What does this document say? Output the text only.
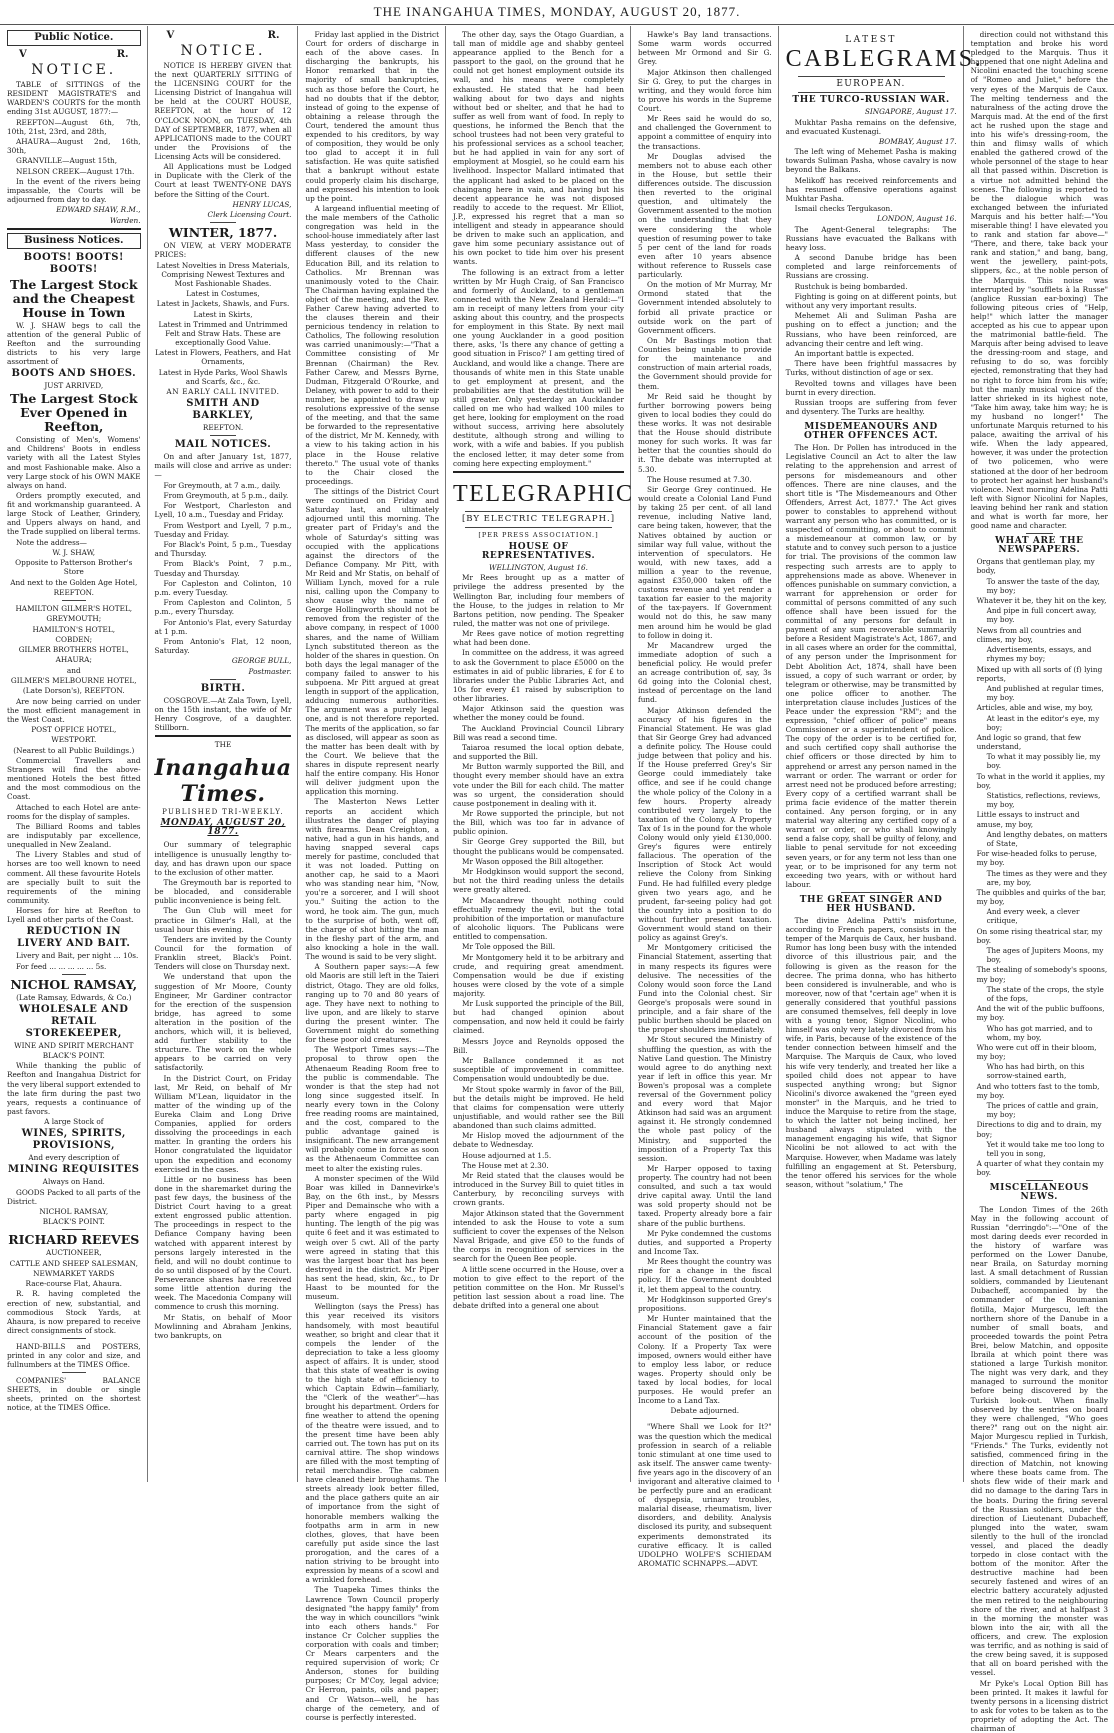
THE INANGAHUA TIMES, MONDAY, AUGUST 20, 1877.
Public Notice.
V	R.
NOTICE.

TABLE of SITTINGS of the RESIDENT MAGISTRATE'S and WARDEN'S COURTS for the month ending 31st AUGUST, 1877:—

REEFTON—August 6th, 7th, 10th, 21st, 23rd, and 28th,

AHAURA—August 2nd, 16th, 30th,

GRANVILLE—August 15th,

NELSON CREEK—August 17th.

In the event of the rivers being impassable, the Courts will be adjourned from day to day.

EDWARD SHAW, R.M.,

Warden.

Business Notices.
BOOTS! BOOTS! BOOTS!
The Largest Stock and the Cheapest House in Town

W. J. SHAW begs to call the attention of the general Public of Reefton and the surrounding districts to his very large assortment of

BOOTS AND SHOES.

JUST ARRIVED,

The Largest Stock Ever Opened in Reefton,

Consisting of Men's, Womens' and Childrens' Boots in endless variety with all the Latest Styles and most Fashionable make. Also a very Large stock of his OWN MAKE always on hand.

Orders promptly executed, and fit and workmanship guaranteed. A large Stock of Leather, Grindery, and Uppers always on hand, and the Trade supplied on liberal terms.

Note the address—

W. J. SHAW,

Opposite to Patterson Brother's Store

And next to the Golden Age Hotel,

REEFTON.

HAMILTON GILMER'S HOTEL,

GREYMOUTH;

HAMILTON'S HOTEL,

COBDEN;

GILMER BROTHERS HOTEL,

AHAURA;

and

GILMER'S MELBOURNE HOTEL,

(Late Dorson's), REEFTON.

Are now being carried on under the most efficient management in the West Coast.

POST OFFICE HOTEL,

WESTPORT.

(Nearest to all Public Buildings.)

Commercial Travellers and Strangers will find the above-mentioned Hotels the best fitted and the most commodious on the Coast.

Attached to each Hotel are ante-rooms for the display of samples.

The Billiard Rooms and tables are indisputably par excellence, unequalled in New Zealand.

The Livery Stables and stud of horses are too well known to need comment. All these favourite Hotels are specially built to suit the requirements of the mining community.

Horses for hire at Reefton to Lyell and other parts of the Coast.

REDUCTION IN LIVERY AND BAIT.

Livery and Bait, per night ... 10s.

For feed ... ... ... ... ... 5s.

NICHOL RAMSAY,

(Late Ramsay, Edwards, & Co.)

WHOLESALE AND RETAIL STOREKEEPER,

WINE AND SPIRIT MERCHANT

BLACK'S POINT.

While thanking the public of Reefton and Inangahua District for the very liberal support extended to the late firm during the past two years, requests a continuance of past favors.

A large Stock of

WINES, SPIRITS, PROVISIONS,

And every description of

MINING REQUISITES

Always on Hand.

GOODS Packed to all parts of the District.

NICHOL RAMSAY,

BLACK'S POINT.

RICHARD REEVES

AUCTIONEER,

CATTLE AND SHEEP SALESMAN,

NEWMARKET YARDS

Race-course Flat, Ahaura.

R. R. having completed the erection of new, substantial, and commodious Stock Yards, at Ahaura, is now prepared to receive direct consignments of stock.

HAND-BILLS and POSTERS, printed in any color and size, and fullnumbers at the TIMES Office.

COMPANIES' BALANCE SHEETS, in double or single sheets, printed on the shortest notice, at the TIMES Office.

V	R.
NOTICE.

NOTICE IS HEREBY GIVEN that the next QUARTERLY SITTING of the LICENSING COURT for the Licensing District of Inangahua will be held at the COURT HOUSE, REEFTON, at the hour of 12 O'CLOCK NOON, on TUESDAY, 4th DAY of SEPTEMBER, 1877, when all APPLICATIONS made to the COURT under the Provisions of the Licensing Acts will be considered.

All Applications must be Lodged in Duplicate with the Clerk of the Court at least TWENTY-ONE DAYS before the Sitting of the Court.

HENRY LUCAS,

Clerk Licensing Court.

WINTER, 1877.

ON VIEW, at VERY MODERATE PRICES:

Latest Novelties in Dress Materials, Comprising Newest Textures and Most Fashionable Shades.

Latest in Costumes,

Latest in Jackets, Shawls, and Furs.

Latest in Skirts,

Latest in Trimmed and Untrimmed Felt and Straw Hats. These are exceptionally Good Value.

Latest in Flowers, Feathers, and Hat Ornaments,

Latest in Hyde Parks, Wool Shawls and Scarfs, &c., &c.

AN EARLY CALL INVITED.

SMITH AND BARKLEY,

REEFTON.

MAIL NOTICES.

On and after January 1st, 1877, mails will close and arrive as under:—

For Greymouth, at 7 a.m., daily.

From Greymouth, at 5 p.m., daily.

For Westport, Charleston and Lyell, 10 a.m., Tuesday and Friday.

From Westport and Lyell, 7 p.m., Tuesday and Friday.

For Black's Point, 5 p.m., Tuesday and Thursday.

From Black's Point, 7 p.m., Tuesday and Thursday.

For Capleston and Colinton, 10 p.m. every Tuesday.

From Capleston and Colinton, 5 p.m., every Thursday.

For Antonio's Flat, every Saturday at 1 p.m.

From Antonio's Flat, 12 noon, Saturday.

GEORGE BULL,

Postmaster.

BIRTH.

COSGROVE.—At Zala Town, Lyell, on the 15th instant, the wife of Mr Henry Cosgrove, of a daughter. Stillborn.

THE

Inangahua Times.
PUBLISHED TRI-WEEKLY.
MONDAY, AUGUST 20, 1877.

Our summary of telegraphic intelligence is unusually lengthy to-day, and has drawn upon our space to the exclusion of other matter.

The Greymouth bar is reported to be blocaded, and considerable public inconvenience is being felt.

The Gun Club will meet for practice in Gilmer's Hall, at the usual hour this evening.

Tenders are invited by the County Council for the formation of Franklin street, Black's Point. Tenders will close on Thursday next.

We understand that upon the suggestion of Mr Moore, County Engineer, Mr Gardiner contractor for the erection of the suspension bridge, has agreed to some alteration in the position of the anchors, which will, it is believed, add further stability to the structure. The work on the whole appears to be carried on very satisfactorily.

In the District Court, on Friday last, Mr Reid, on behalf of Mr William M'Lean, liquidator in the matter of the winding up of the Eureka Claim and Long Drive Companies, applied for orders dissolving the proceedings in each matter. In granting the orders his Honor congratulated the liquidator upon the expedition and economy exercised in the cases.

Little or no business has been done in the sharemarket during the past few days, the business of the District Court having to a great extent engrossed public attention. The proceedings in respect to the Defiance Company having been watched with apparent interest by persons largely interested in the field, and will no doubt continue to do so until disposed of by the Court. Perseverance shares have received some little attention during the week. The Macedonia Company will commence to crush this morning.

Mr Statis, on behalf of Moor Mowlinning and Abraham Jenkins, two bankrupts, on

Friday last applied in the District Court for orders of discharge in each of the above cases. In discharging the bankrupts, his Honor remarked that in the majority of small bankruptcies, such as those before the Court, he had no doubts that if the debtor, instead of going to the expense of obtaining a release through the Court, tendered the amount thus expended to his creditors, by way of composition, they would be only too glad to accept it in full satisfaction. He was quite satisfied that a bankrupt without estate could properly claim his discharge, and expressed his intention to look up the point.

A largeand influential meeting of the male members of the Catholic congregation was held in the school-house immediately after last Mass yesterday, to consider the different clauses of the new Education Bill, and its relation to Catholics. Mr Brennan was unanimously voted to the Chair. The Chairman having explained the object of the meeting, and the Rev. Father Carew having adverted to the clauses therein and their pernicious tendency in relation to Catholics, The following resolution was carried unanimously:—"That a Committee consisting of Mr Brennan (Chairman) the Rev. Father Carew, and Messrs Byrne, Dudman, Fitzgerald O'Rourke, and Delaney, with power to add to their number, be appointed to draw up resolutions expressive of the sense of the meeting, and that the same be forwarded to the representative of the district, Mr M. Kennedy, with a view to his taking action in his place in the House relative thereto." The usual vote of thanks to the Chair closed the proceedings.

The sittings of the District Court were continued on Friday and Saturday last, and ultimately adjourned until this morning. The greater part of Friday's and the whole of Saturday's sitting was occupied with the applications against the directors of the Defiance Company. Mr Pitt, with Mr Reid and Mr Statis, on behalf of William Lynch, moved for a rule nisi, calling upon the Company to show cause why the name of George Hollingworth should not be removed from the register of the above company, in respect of 1000 shares, and the name of William Lynch substituted thereon as the holder of the shares in question. On both days the legal manager of the company failed to answer to his subpoena. Mr Pitt argued at great length in support of the application, adducing numerous authorities. The argument was a purely legal one, and is not therefore reported. The merits of the application, so far as disclosed, will appear as soon as the matter has been dealt with by the Court. We believe that the shares in dispute represent nearly half the entire company. His Honor will deliver judgment upon the application this morning.

The Masterton News Letter reports an accident which illustrates the danger of playing with firearms. Dean Creighton, a native, had a gun in his hands, and having snapped several caps merely for pastime, concluded that it was not loaded. Putting on another cap, he said to a Maori who was standing near him, "Now, you're a sorcerer, and I will shoot you." Suiting the action to the word, he took aim. The gun, much to the surprise of both, went off, the charge of shot hitting the man in the fleshy part of the arm, and also knocking a hole in the wall. The wound is said to be very slight.

A Southern paper says:—A few old Maoris are still left in the Taieri district, Otago. They are old folks, ranging up to 70 and 80 years of age. They have next to nothing to live upon, and are likely to starve during the present winter. The Government might do something for these poor old creatures.

The Westport Times says:—The proposal to throw open the Athenaeum Reading Room free to the public is commendable. The wonder is that the step had not long since suggested itself. In nearly every town in the Colony free reading rooms are maintained, and the cost, compared to the public advantage gained is insignificant. The new arrangement will probably come in force as soon as the Athenaeum Committee can meet to alter the existing rules.

A monster specimen of the Wild Boar was killed in Dannevirke's Bay, on the 6th inst., by Messrs Piper and Demainsche who with a party where engaged in pig hunting. The length of the pig was quite 6 feet and it was estimated to weigh over 5 cwt. All of the party were agreed in stating that this was the largest boar that has been destroyed in the district. Mr Piper has sent the head, skin, &c., to Dr Haast to be mounted for the museum.

Wellington (says the Press) has this year received its visitors handsomely, with most beautiful weather, so bright and clear that it compels the lender of the depreciation to take a less gloomy aspect of affairs. It is under, stood that this state of weather is owing to the high state of efficiency to which Captain Edwin—familiarly, the "Clerk of the weather"—has brought his department. Orders for fine weather to attend the opening of the theatre were issued, and to the present time have been ably carried out. The town has put on its carnival attire. The shop windows are filled with the most tempting of retail merchandise. The cabmen have cleaned their broughams. The streets already look better filled, and the place gathers quite an air of importance from the sight of honorable members walking the footpaths arm in arm in new clothes, gloves, that have been carefully put aside since the last prorogation, and the cares of a nation striving to be brought into expression by means of a scowl and a wrinkled forehead.

The Tuapeka Times thinks the Lawrence Town Council properly designated "the happy family" from the way in which councillors "wink into each others hands." For instance Cr Colcher supplies the corporation with coals and timber; Cr Mears carpenters and the required supervision of work; Cr Anderson, stones for building purposes; Cr M'Coy, legal advice; Cr Herron, paints, oils and paper; and Cr Watson—well, he has charge of the cemetery, and of course is perfectly interested.

The other day, says the Otago Guardian, a tall man of middle age and shabby genteel appearance applied to the Bench for a passport to the gaol, on the ground that he could not get honest employment outside its wall, and his means were completely exhausted. He stated that he had been walking about for two days and nights without bed or shelter, and that he had to suffer as well from want of food. In reply to questions, he informed the Bench that the school trustees had not been very grateful to his professional services as a school teacher, but he had applied in vain for any sort of employment at Mosgiel, so he could earn his livelihood. Inspector Mallard intimated that the applicant had asked to be placed on the chaingang here in vain, and having but his decent appearance he was not disposed readily to accede to the request. Mr Elliot, J.P., expressed his regret that a man so intelligent and steady in appearance should be driven to make such an application, and gave him some pecuniary assistance out of his own pocket to tide him over his present wants.

The following is an extract from a letter written by Mr Hugh Craig, of San Francisco and formerly of Auckland, to a gentleman connected with the New Zealand Herald:—"I am in receipt of many letters from your city asking about this country, and the prospects for employment in this State. By next mail one young Aucklander in a good position there, asks, 'Is there any chance of getting a good situation in Frisco?' I am getting tired of Auckland, and would like a change. There are thousands of white men in this State unable to get employment at present, and the probabilities are that the destitution will be still greater. Only yesterday an Aucklander called on me who had walked 100 miles to get here, looking for employment on the road without success, arriving here absolutely destitute, although strong and willing to work, with a wife and babies. If you publish the enclosed letter, it may deter some from coming here expecting employment."

TELEGRAPHIC
[BY ELECTRIC TELEGRAPH.]
[PER PRESS ASSOCIATION.]
HOUSE OF REPRESENTATIVES.

WELLINGTON, August 16.

Mr Rees brought up as a matter of privilege the address presented by the Wellington Bar, including four members of the House, to the judges in relation to Mr Bartons petition, now pending. The Speaker ruled, the matter was not one of privilege.

Mr Rees gave notice of motion regretting what had been done.

In committee on the address, it was agreed to ask the Government to place £5000 on the estimates in aid of public libraries, £ for £ to libraries under the Public Libraries Act, and 10s for every £1 raised by subscription to other libraries.

Major Atkinson said the question was whether the money could be found.

The Auckland Provincial Council Library Bill was read a second time.

Taiaroa resumed the local option debate, and supported the Bill.

Mr Button warmly supported the Bill, and thought every member should have an extra vote under the Bill for each child. The matter was so urgent, the consideration should cause postponement in dealing with it.

Mr Rowe supported the principle, but not the Bill, which was too far in advance of public opinion.

Sir George Grey supported the Bill, but thought the publicans would be compensated.

Mr Wason opposed the Bill altogether.

Mr Hodgkinson would support the second, but not the third reading unless the details were greatly altered.

Mr Macandrew thought nothing could effectually remedy the evil, but the total prohibition of the importation or manufacture of alcoholic liquors. The Publicans were entitled to compensation.

Mr Tole opposed the Bill.

Mr Montgomery held it to be arbitrary and crude, and requiring great amendment. Compensation would be due if existing houses were closed by the vote of a simple majority.

Mr Lusk supported the principle of the Bill, but had changed opinion about compensation, and now held it could be fairly claimed.

Messrs Joyce and Reynolds opposed the Bill.

Mr Ballance condemned it as not susceptible of improvement in committee. Compensation would undoubtedly be due.

Mr Stout spoke warmly in favor of the Bill, but the details might be improved. He held that claims for compensation were utterly unjustifiable, and would rather see the Bill abandoned than such claims admitted.

Mr Hislop moved the adjournment of the debate to Wednesday.

House adjourned at 1.5.

The House met at 2.30.

Mr Reid stated that the clauses would be introduced in the Survey Bill to quiet titles in Canterbury, by reconciling surveys with crown grants.

Major Atkinson stated that the Government intended to ask the House to vote a sum sufficient to cover the expenses of the Nelson Naval Brigade, and give £50 to the funds of the corps in recognition of services in the search for the Queen Bee people.

A little scene occurred in the House, over a motion to give effect to the report of the petition committee on the Hon. Mr Russel's petition last session about a road line. The debate drifted into a general one about

Hawke's Bay land transactions. Some warm words occurred between Mr Ormond and Sir G. Grey.

Major Atkinson then challenged Sir G. Grey, to put the charges in writing, and they would force him to prove his words in the Supreme Court.

Mr Rees said he would do so, and challenged the Government to appoint a committee of enquiry into the transactions.

Mr Douglas advised the members not to abuse each other in the House, but settle their differences outside. The discussion then reverted to the original question, and ultimately the Government assented to the motion on the understanding that they were considering the whole question of resuming power to take 5 per cent of the land for roads even after 10 years absence without reference to Russels case particularly.

On the motion of Mr Murray, Mr Ormond stated that the Government intended absolutely to forbid all private practice or outside work on the part of Government officers.

On Mr Bastings motion that Counties being unable to provide for the maintenance and construction of main arterial roads, the Government should provide for them.

Mr Reid said he thought by further borrowing powers being given to local bodies they could do these works. It was not desirable that the House should distribute money for such works. It was far better that the counties should do it. The debate was interrupted at 5.30.

The House resumed at 7.30.

Sir George Grey continued. He would create a Colonial Land Fund by taking 25 per cent. of all land revenue, including Native land, care being taken, however, that the Natives obtained by auction or similar way full value, without the intervention of speculators. He would, with new taxes, add a million a year to the revenue, against £350,000 taken off the customs revenue and yet render a taxation far easier to the majority of the tax-payers. If Government would not do this, he saw many men around him he would be glad to follow in doing it.

Mr Macandrew urged the immediate adoption of such a beneficial policy. He would prefer an acreage contribution of, say, 3s 6d going into the Colonial chest, instead of percentage on the land fund.

Major Atkinson defended the accuracy of his figures in the Financial Statement. He was glad that Sir George Grey had advanced a definite policy. The House could judge between that policy and his. If the House preferred Grey's Sir George could immediately take office, and see if he could change the whole policy of the Colony in a few hours. Property already contributed very largely to the taxation of the Colony. A Property Tax of 1s in the pound for the whole Colony would only yield £130,000. Grey's figures were entirely fallacious. The operation of the Inscription of Stock Act would relieve the Colony from Sinking Fund. He had fulfilled every pledge given two years ago, and he prudent, far-seeing policy had got the country into a position to do without further present taxation. Government would stand on their policy as against Grey's.

Mr Montgomery criticised the Financial Statement, asserting that in many respects its figures were delusive. The necessities of the Colony would soon force the Land Fund into the Colonial chest. Sir George's proposals were sound in principle, and a fair share of the public burthen should be placed on the proper shoulders immediately.

Mr Stout secured the Ministry of shuffling the question, as with the Native Land question. The Ministry would agree to do anything next year if left in office this year. Mr Bowen's proposal was a complete reversal of the Government policy and every word that Major Atkinson had said was an argument against it. He strongly condemned the whole past policy of the Ministry, and supported the imposition of a Property Tax this session.

Mr Harper opposed to taxing property. The country had not been consulted, and such a tax would drive capital away. Until the land was sold property should not be taxed. Property already bore a fair share of the public burthens.

Mr Pyke condemned the customs duties, and supported a Property and Income Tax.

Mr Rees thought the country was ripe for a change in the fiscal policy. If the Government doubted it, let them appeal to the country.

Mr Hodgkinson supported Grey's propositions.

Mr Hunter maintained that the Financial Statement gave a fair account of the position of the Colony. If a Property Tax were imposed, owners would either have to employ less labor, or reduce wages. Property should only be taxed by local bodies, for local purposes. He would prefer an Income to a Land Tax.

Debate adjourned.

"Where Shall we Look for It?" was the question which the medical profession in search of a reliable tonic stimulant at one time used to ask itself. The answer came twenty-five years ago in the discovery of an invigorant and alterative claimed to be perfectly pure and an eradicant of dyspepsia, urinary troubles, malarial disease, rheumatism, liver disorders, and debility. Analysis disclosed its purity, and subsequent experiments demonstrated its curative efficacy. It is called UDOLPHO WOLFE'S SCHIEDAM AROMATIC SCHNAPPS.—ADVT.

LATEST
CABLEGRAMS.
EUROPEAN.
THE TURCO-RUSSIAN WAR.

SINGAPORE, August 17.

Mukhtar Pasha remains on the defensive, and evacuated Kustenagi.

BOMBAY, August 17.

The left wing of Mehemet Pasha is making towards Suliman Pasha, whose cavalry is now beyond the Balkans.

Melikoff has received reinforcements and has resumed offensive operations against Mukhtar Pasha.

Ismail checks Tergukason.

LONDON, August 16.

The Agent-General telegraphs: The Russians have evacuated the Balkans with heavy loss.

A second Danube bridge has been completed and large reinforcements of Russians are crossing.

Rustchuk is being bombarded.

Fighting is going on at different points, but without any very important results.

Mehemet Ali and Suliman Pasha are pushing on to effect a junction; and the Russians, who have been reinforced, are advancing their centre and left wing.

An important battle is expected.

There have been frightful massacres by Turks, without distinction of age or sex.

Revolted towns and villages have been burnt in every direction.

Russian troops are suffering from fever and dysentery. The Turks are healthy.

MISDEMEANOURS AND OTHER OFFENCES ACT.

The Hon. Dr Pollen has introduced in the Legislative Council an Act to alter the law relating to the apprehension and arrest of persons for misdemeanours and other offences. There are nine clauses, and the short title is "The Misdemeanours and Other Offenders, Arrest Act, 1877." The Act gives power to constables to apprehend without warrant any person who has committed, or is suspected of committing, or about to commit a misdemeanour at common law, or by statute and to convey such person to a justice for trial. The provisions of the common law respecting such arrests are to apply to apprehensions made as above. Whenever in offences punishable on summary conviction, a warrant for apprehension or order for committal of persons committed of any such offence shall have been issued for the committal of any persons for default in payment of any sum recoverable summarily before a Resident Magistrate's Act, 1867, and in all cases where an order for the committal, of any person under the Imprisonment for Debt Abolition Act, 1874, shall have been issued, a copy of such warrant or order, by telegram or otherwise, may be transmitted by one police officer to another. The interpretation clause includes Justices of the Peace under the expression "RM"; and the expression, "chief officer of police" means Commissioner or a superintendent of police. The copy of the order is to be certified for, and such certified copy shall authorise the chief officers or those directed by him to apprehend or arrest any person named in the warrant or order. The warrant or order for arrest need not be produced before arresting; Every copy of a certified warrant shall be prima facie evidence of the matter therein contained. Any person forging, or in any material way altering any certified copy of a warrant or order, or who shall knowingly send a false copy, shall be guilty of felony, and liable to penal servitude for not exceeding seven years, or for any term not less than one year, or to be imprisoned for any term not exceeding two years, with or without hard labour.

THE GREAT SINGER AND HER HUSBAND.

The divine Adelina Patti's misfortune, according to French papers, consists in the temper of the Marquis de Caux, her husband. Rumor has long been busy with the intended divorce of this illustrious pair, and the following is given as the reason for the decree. The prima donna, who has hitherto been considered is invulnerable, and who is moreover, now of that "certain age" when it is generally considered that youthful passions are consumed themselves, fell deeply in love with a young tenor, Signor Nicolini, who himself was only very lately divorced from his wife, in Paris, because of the existence of the tender connection between himself and the Marquise. The Marquis de Caux, who loved his wife very tenderly, and treated her like a spoiled child does not appear to have suspected anything wrong; but Signor Nicolini's divorce awakened the "green eyed monster" in the Marquis, and he tried to induce the Marquise to retire from the stage, to which the latter not being inclined, her husband always stipulated with the management engaging his wife, that Signor Nicolini be not allowed to act with the Marquise. However, when Madame was lately fulfilling an engagement at St. Petersburg, the tenor offered his services for the whole season, without "solatium," The

direction could not withstand this temptation and broke his word pledged to the Marquis. Thus it happened that one night Adelina and Nicolini enacted the touching scene of "Romeo and Juliet," before the very eyes of the Marquis de Caux. The melting tenderness and the naturalness of the acting drove the Marquis mad. At the end of the first act he rushed upon the stage and into his wife's dressing-room, the thin and flimsy walls of which enabled the gathered crowd of the whole personnel of the stage to hear all that passed within. Discretion is a virtue not admitted behind the scenes. The following is reported to be the dialogue which was exchanged between the infuriated Marquis and his better half:—"You miserable thing! I have elevated you to rank and station far above—" "There, and there, take back your rank and station," and bang, bang, went the jewellery, paint-pots, slippers, &c., at the noble person of the Marquis. This noise was interrupted by "soufflets à la Russe" (anglice Russian ear-boxing) The following piteous cries of "Help, help!" which latter the manager accepted as his cue to appear upon the matrimonial battle-field. The Marquis after being advised to leave the dressing-room and stage, and refusing to do so, was forcibly ejected, remonstrating that they had no right to force him from his wife; but the manly musical voice of the latter shrieked in its highest note, "Take him away, take him way; he is my husband no longer!" The unfortunate Marquis returned to his palace, awaiting the arrival of his wife. When the lady appeared, however, it was under the protection of two policemen, who were stationed at the door of her bedroom to protect her against her husband's violence. Next morning Adelina Patti left with Signor Nicolini for Naples, leaving behind her rank and station and what is worth far more, her good name and character.

WHAT ARE THE NEWSPAPERS.

Organs that gentleman play, my body,

To answer the taste of the day, my boy;

Whatever it be, they hit on the key,

And pipe in full concert away, my boy.

News from all countries and climes, my boy,

Advertisements, essays, and rhymes my boy;

Mixed up with all sorts of (f) lying reports,

And published at regular times, my boy.

Articles, able and wise, my boy,

At least in the editor's eye, my boy;

And logic so grand, that few understand,

To what it may possibly lie, my boy.

To what in the world it applies, my boy,

Statistics, reflections, reviews, my boy,

Little essays to instruct and amuse, my boy,

And lengthy debates, on matters of State,

For wise-headed folks to peruse, my boy.

The times as they were and they are, my boy,

The quibbles and quirks of the bar, my boy,

And every week, a clever critique,

On some rising theatrical star, my boy.

The ages of Jupiters Moons, my boy,

The stealing of somebody's spoons, my boy;

The state of the crops, the style of the fops,

And the wit of the public buffoons, my boy.

Who has got married, and to whom, my boy,

Who were cut off in their bloom, my boy;

Who has had birth, on this sorrow-stained earth,

And who totters fast to the tomb, my boy.

The prices of cattle and grain, my boy;

Directions to dig and to drain, my boy;

Yet it would take me too long to tell you in song,

A quarter of what they contain my boy.

MISCELLANEOUS NEWS.

The London Times of the 26th May in the following account of Russian "derringdo":—"One of the most daring deeds ever recorded in the history of warfare was performed on the Lower Danube, near Braila, on Saturday morning last. A small detachment of Russian soldiers, commanded by Lieutenant Dubacheff, accompanied by the commander of the Roumanian flotilla, Major Murgescu, left the northern shore of the Danube in a number of small boats, and proceeded towards the point Petra Brei, below Matchin, and opposite Ibraila at which point there was stationed a large Turkish monitor. The night was very dark, and they managed to surround the monitor before being discovered by the Turkish look-out. When finally observed by the sentries on board they were challenged, "Who goes there?" rang out on the night air. Major Murgescu replied in Turkish, "Friends." The Turks, evidently not satisfied, commenced firing in the direction of Matchin, not knowing where these boats came from. The shots flew wide of their mark and did no damage to the daring Tars in the boats. During the firing several of the Russian soldiers, under the direction of Lieutenant Dubacheff, plunged into the water, swam silently to the hull of the ironclad vessel, and placed the deadly torpedo in close contact with the bottom of the monitor. After the destructive machine had been securely fastened and wires of an electric battery accurately adjusted the men retired to the neighbouring shore of the river, and at halfpast 3 in the morning the monster was blown into the air, with all the officers, and crew. The explosion was terrific, and as nothing is said of the crew being saved, it is supposed that all on board perished with the vessel.

Mr Pyke's Local Option Bill has been printed. It makes it lawful for twenty persons in a licensing district to ask for votes to be taken as to the propriety of adopting the Act. The chairman of
